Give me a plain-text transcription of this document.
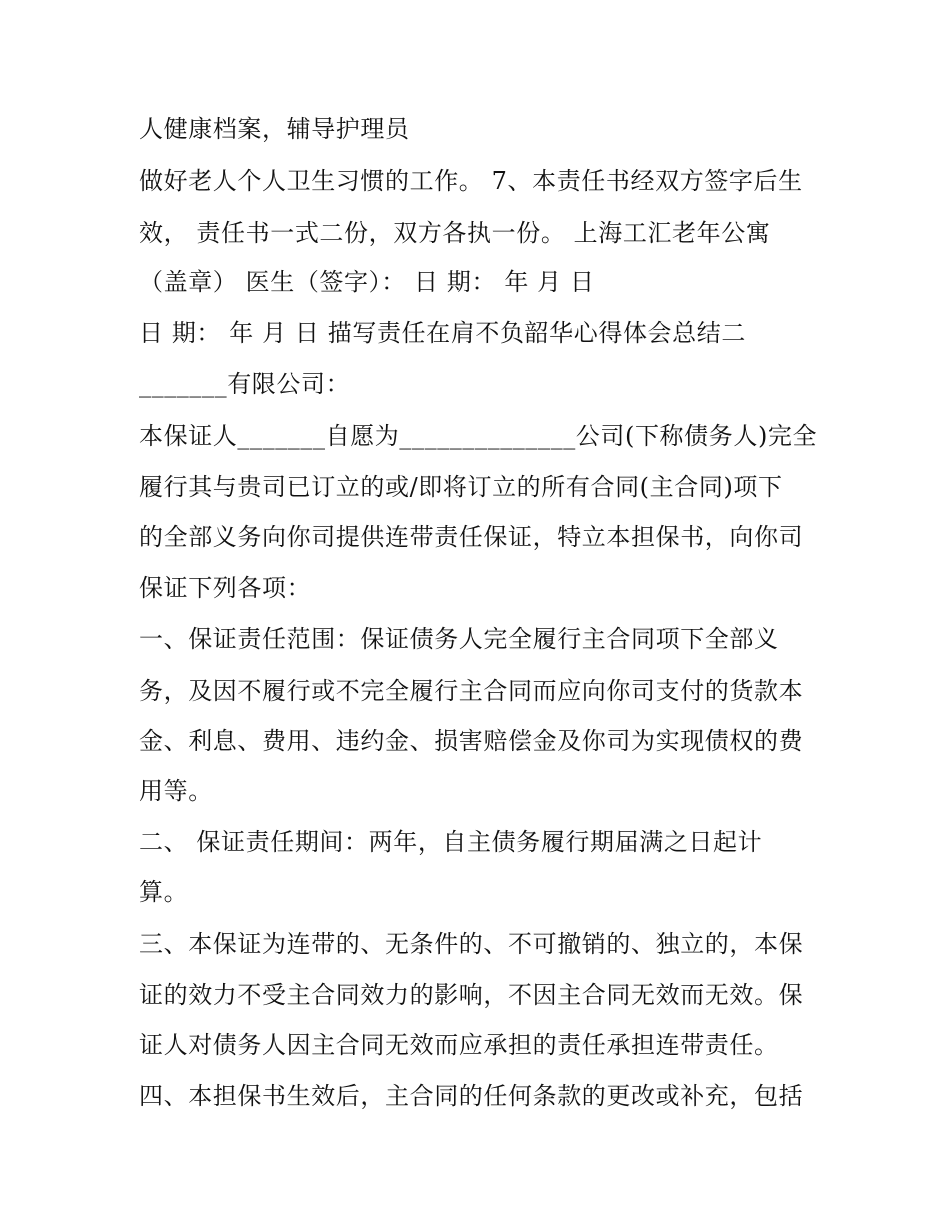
人健康档案，辅导护理员
做好老人个人卫生习惯的工作。 7、本责任书经双方签字后生
效， 责任书一式二份，双方各执一份。 上海工汇老年公寓
（盖章） 医生（签字）： 日 期： 年 月 日
日 期： 年 月 日 描写责任在肩不负韶华心得体会总结二
_______有限公司：
本保证人_______自愿为______________公司(下称债务人)完全
履行其与贵司已订立的或/即将订立的所有合同(主合同)项下
的全部义务向你司提供连带责任保证，特立本担保书，向你司
保证下列各项：
一、保证责任范围：保证债务人完全履行主合同项下全部义
务，及因不履行或不完全履行主合同而应向你司支付的货款本
金、利息、费用、违约金、损害赔偿金及你司为实现债权的费
用等。
二、 保证责任期间：两年，自主债务履行期届满之日起计
算。
三、本保证为连带的、无条件的、不可撤销的、独立的，本保
证的效力不受主合同效力的影响，不因主合同无效而无效。保
证人对债务人因主合同无效而应承担的责任承担连带责任。
四、本担保书生效后，主合同的任何条款的更改或补充，包括
